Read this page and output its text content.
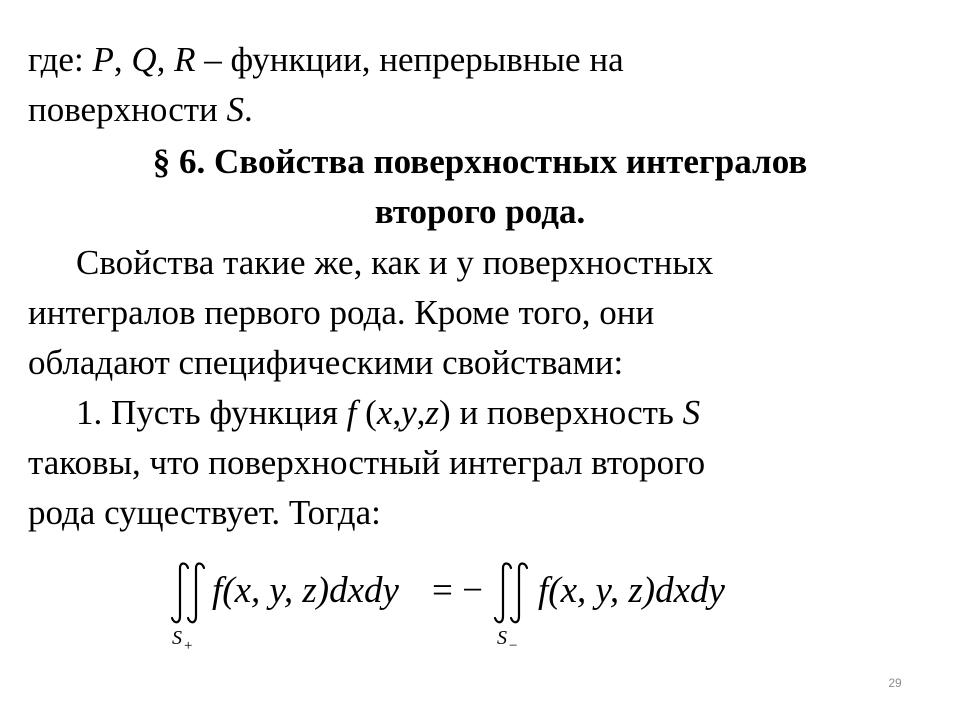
где: P, Q, R – функции, непрерывные на
поверхности S.
§ 6. Свойства поверхностных интегралов
второго рода.
Свойства такие же, как и у поверхностных
интегралов первого рода. Кроме того, они
обладают специфическими свойствами:
1. Пусть функция f (x,y,z) и поверхность S
таковы, что поверхностный интеграл второго
рода существует. Тогда:
S +
f(x, y, z)dxdy = −
S −
f(x, y, z)dxdy
29
